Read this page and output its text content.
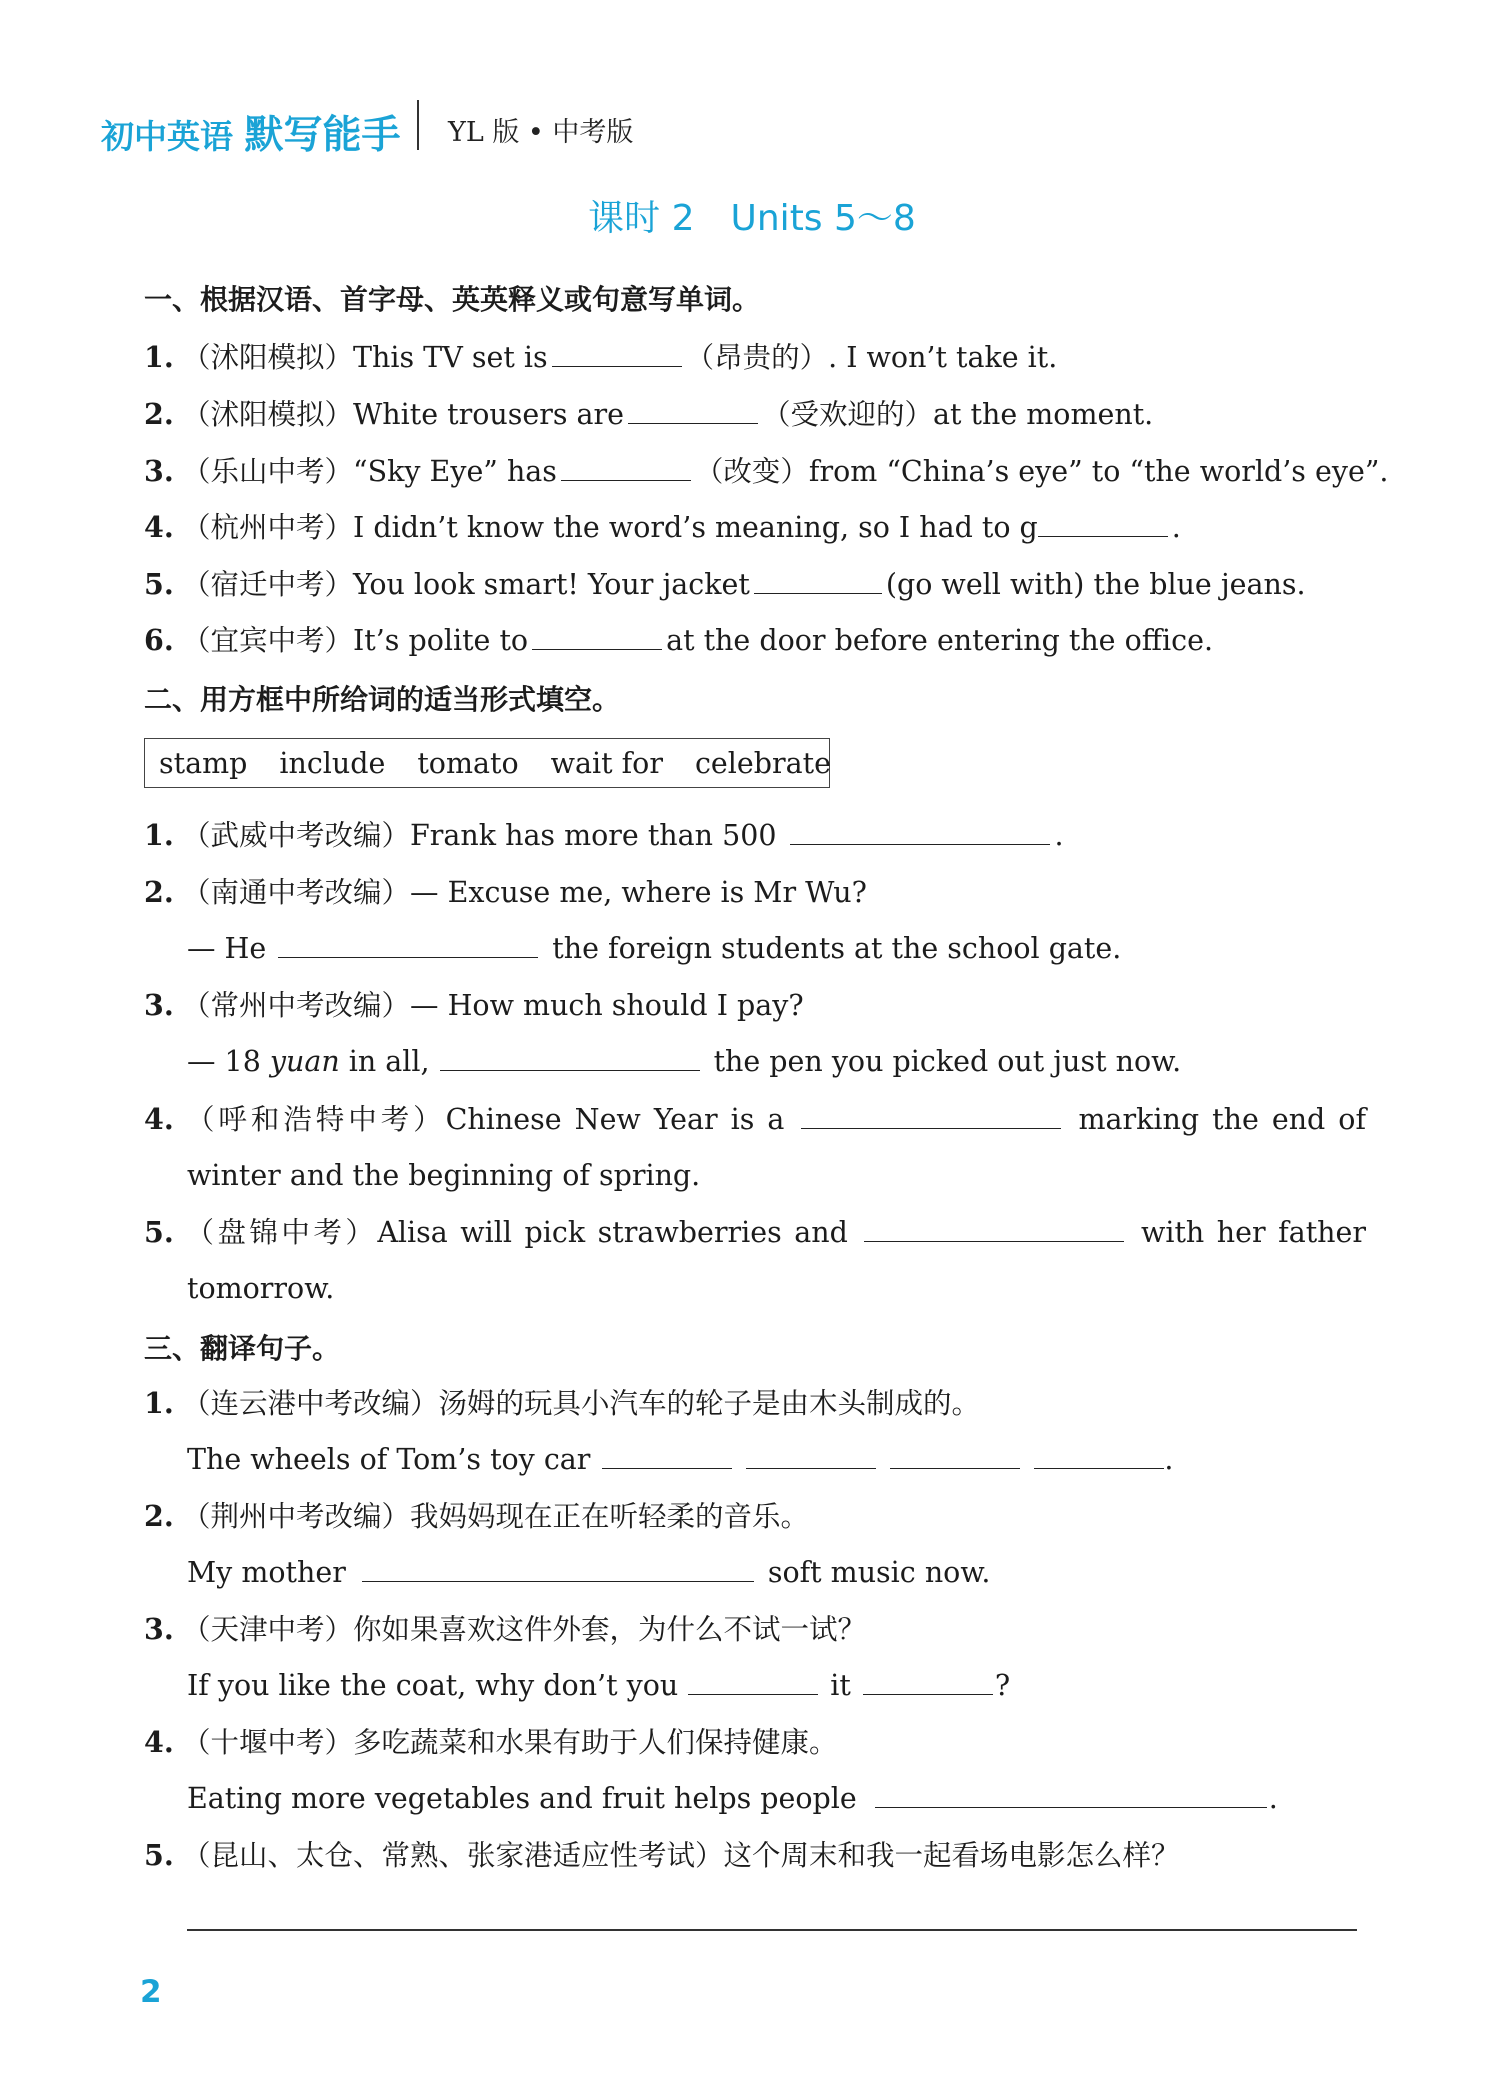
初中英语 默写能手 YL 版 • 中考版
课时 2　Units 5～8
一、根据汉语、首字母、英英释义或句意写单词。
1. （沭阳模拟）This TV set is	（昂贵的）. I won’t take it.
2. （沭阳模拟）White trousers are	（受欢迎的）at the moment.
3. （乐山中考）“Sky Eye” has	（改变）from “China’s eye” to “the world’s eye”.
4. （杭州中考）I didn’t know the word’s meaning, so I had to g	.
5. （宿迁中考）You look smart! Your jacket	(go well with) the blue jeans.
6. （宜宾中考）It’s polite to	at the door before entering the office.
二、用方框中所给词的适当形式填空。
stamp include tomato wait for celebrate
1. （武威中考改编）Frank has more than 500	.
2. （南通中考改编）— Excuse me, where is Mr Wu?
— He	the foreign students at the school gate.
3. （常州中考改编）— How much should I pay?
— 18 yuan in all,	the pen you picked out just now.
4. （呼和浩特中考）Chinese New Year is a	marking the end of
winter and the beginning of spring.
5. （盘锦中考）Alisa will pick strawberries and	with her father
tomorrow.
三、翻译句子。
1. （连云港中考改编）汤姆的玩具小汽车的轮子是由木头制成的。
The wheels of Tom’s toy car	.
2. （荆州中考改编）我妈妈现在正在听轻柔的音乐。
My mother	soft music now.
3. （天津中考）你如果喜欢这件外套，为什么不试一试？
If you like the coat, why don’t you	it	?
4. （十堰中考）多吃蔬菜和水果有助于人们保持健康。
Eating more vegetables and fruit helps people	.
5. （昆山、太仓、常熟、张家港适应性考试）这个周末和我一起看场电影怎么样？
2
